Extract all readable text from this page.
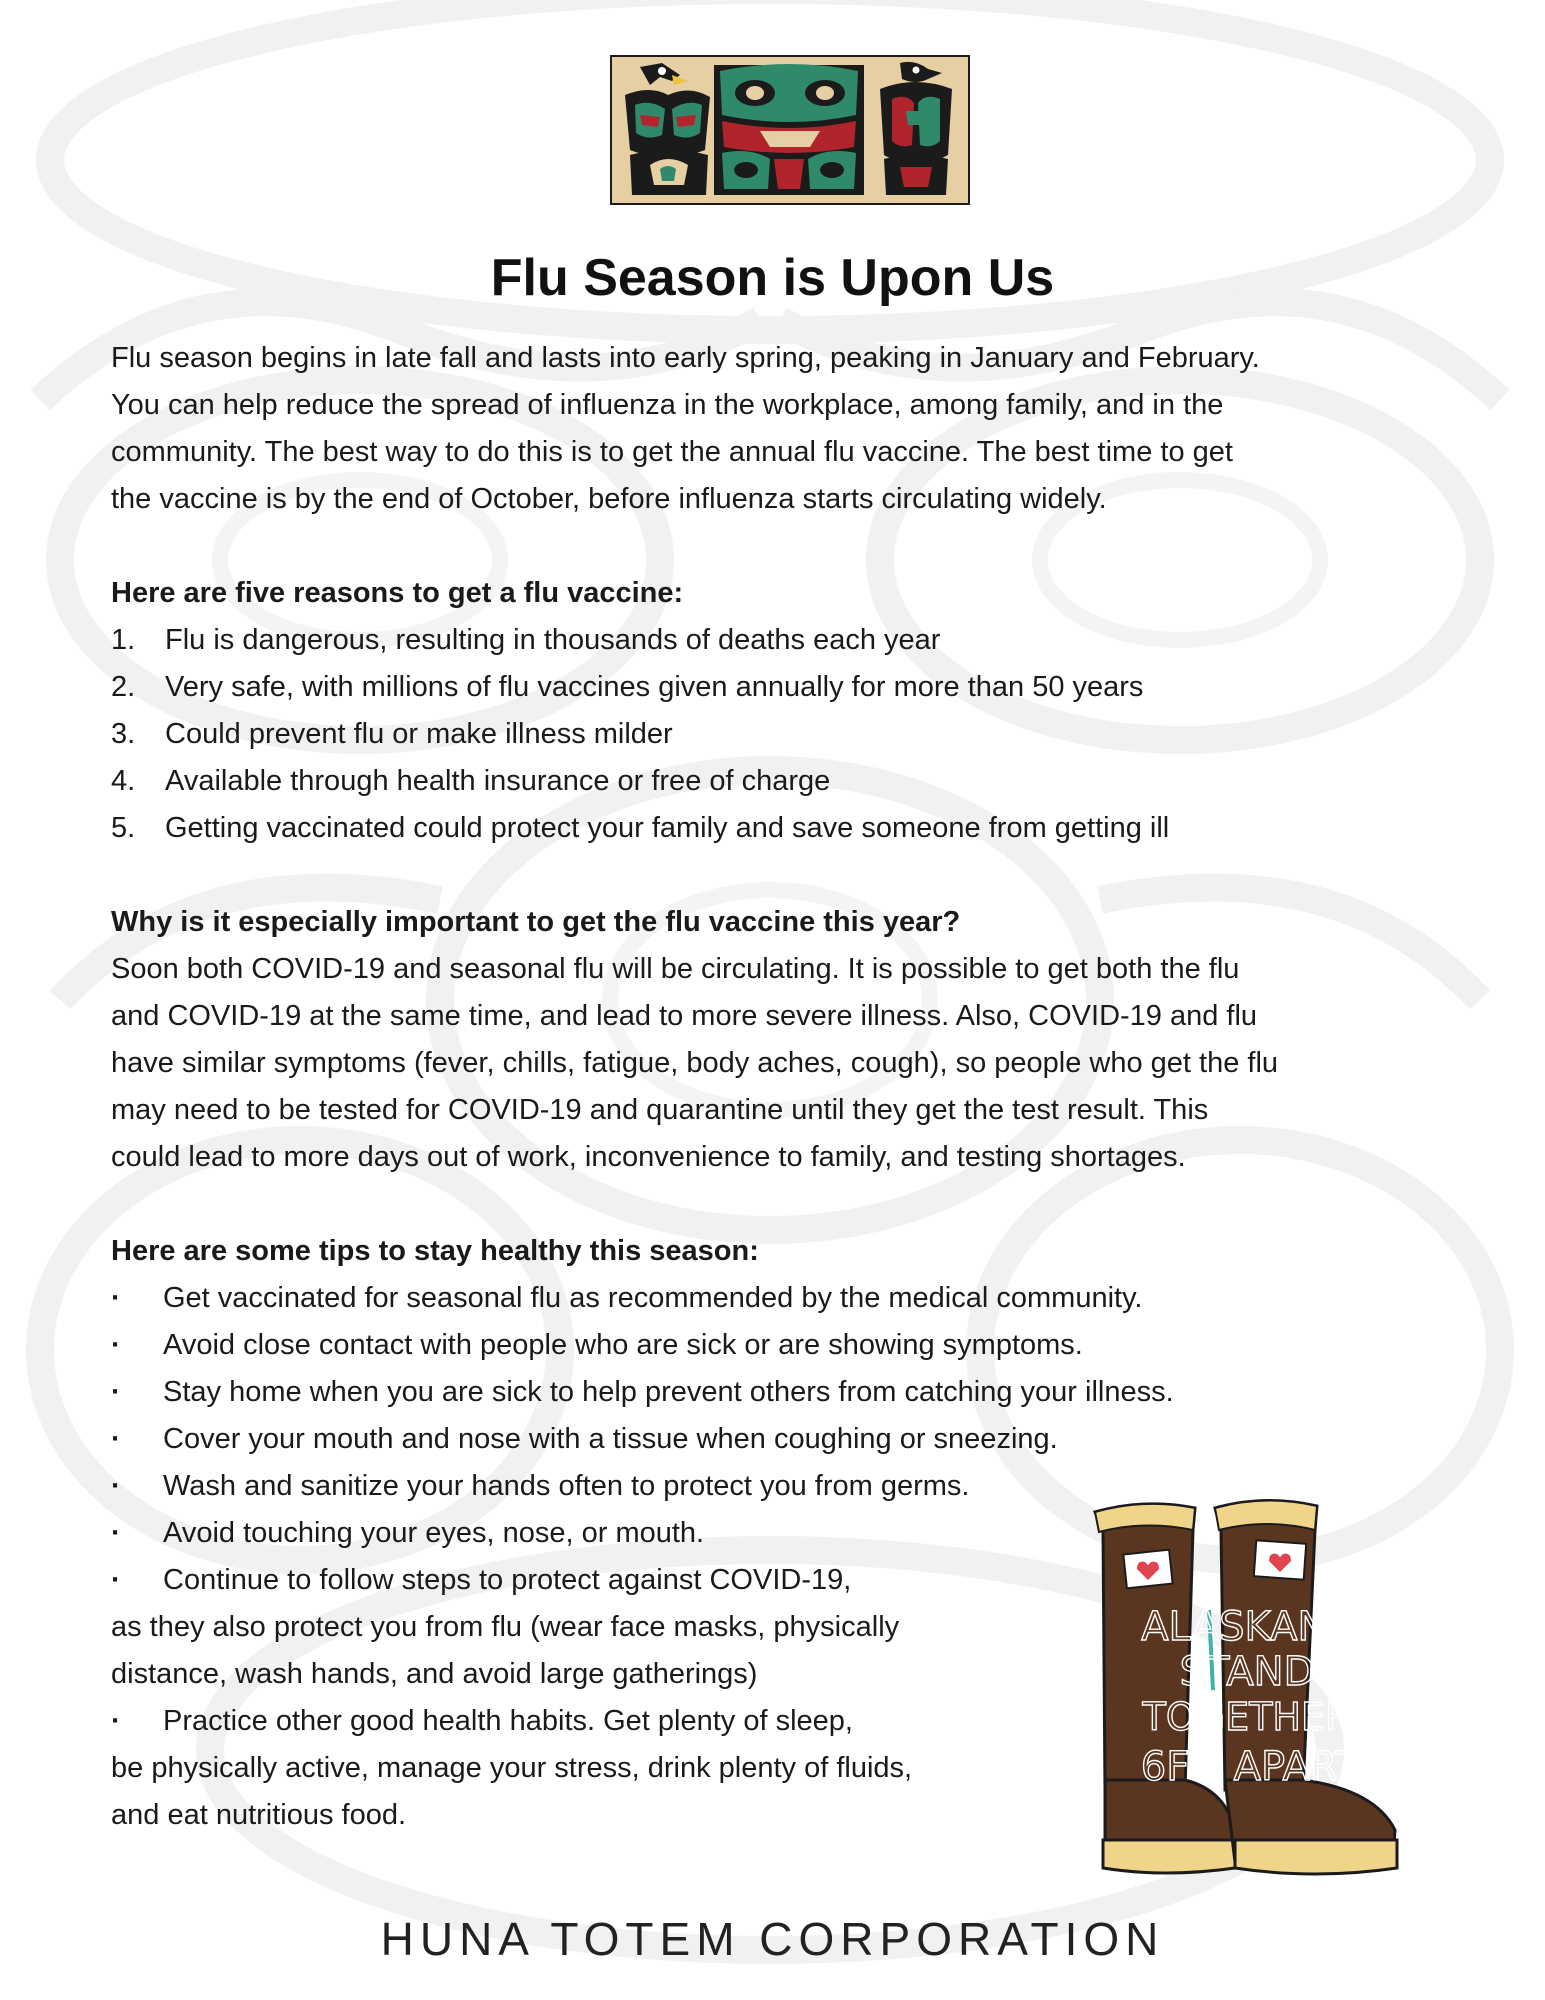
Flu Season is Upon Us

Flu season begins in late fall and lasts into early spring, peaking in January and February.

You can help reduce the spread of influenza in the workplace, among family, and in the

community. The best way to do this is to get the annual flu vaccine. The best time to get

the vaccine is by the end of October, before influenza starts circulating widely.

Here are five reasons to get a flu vaccine:

1. Flu is dangerous, resulting in thousands of deaths each year
2. Very safe, with millions of flu vaccines given annually for more than 50 years
3. Could prevent flu or make illness milder
4. Available through health insurance or free of charge
5. Getting vaccinated could protect your family and save someone from getting ill

Why is it especially important to get the flu vaccine this year?

Soon both COVID-19 and seasonal flu will be circulating. It is possible to get both the flu

and COVID-19 at the same time, and lead to more severe illness. Also, COVID-19 and flu

have similar symptoms (fever, chills, fatigue, body aches, cough), so people who get the flu

may need to be tested for COVID-19 and quarantine until they get the test result. This

could lead to more days out of work, inconvenience to family, and testing shortages.

Here are some tips to stay healthy this season:

· Get vaccinated for seasonal flu as recommended by the medical community.
· Avoid close contact with people who are sick or are showing symptoms.
· Stay home when you are sick to help prevent others from catching your illness.
· Cover your mouth and nose with a tissue when coughing or sneezing.
· Wash and sanitize your hands often to protect you from germs.
· Avoid touching your eyes, nose, or mouth.
· Continue to follow steps to protect against COVID-19,
as they also protect you from flu (wear face masks, physically
distance, wash hands, and avoid large gatherings)
· Practice other good health habits. Get plenty of sleep,
be physically active, manage your stress, drink plenty of fluids,
and eat nutritious food.
ALASKANS
STAND
TOGETHER
6FT. APART
HUNA TOTEM CORPORATION
